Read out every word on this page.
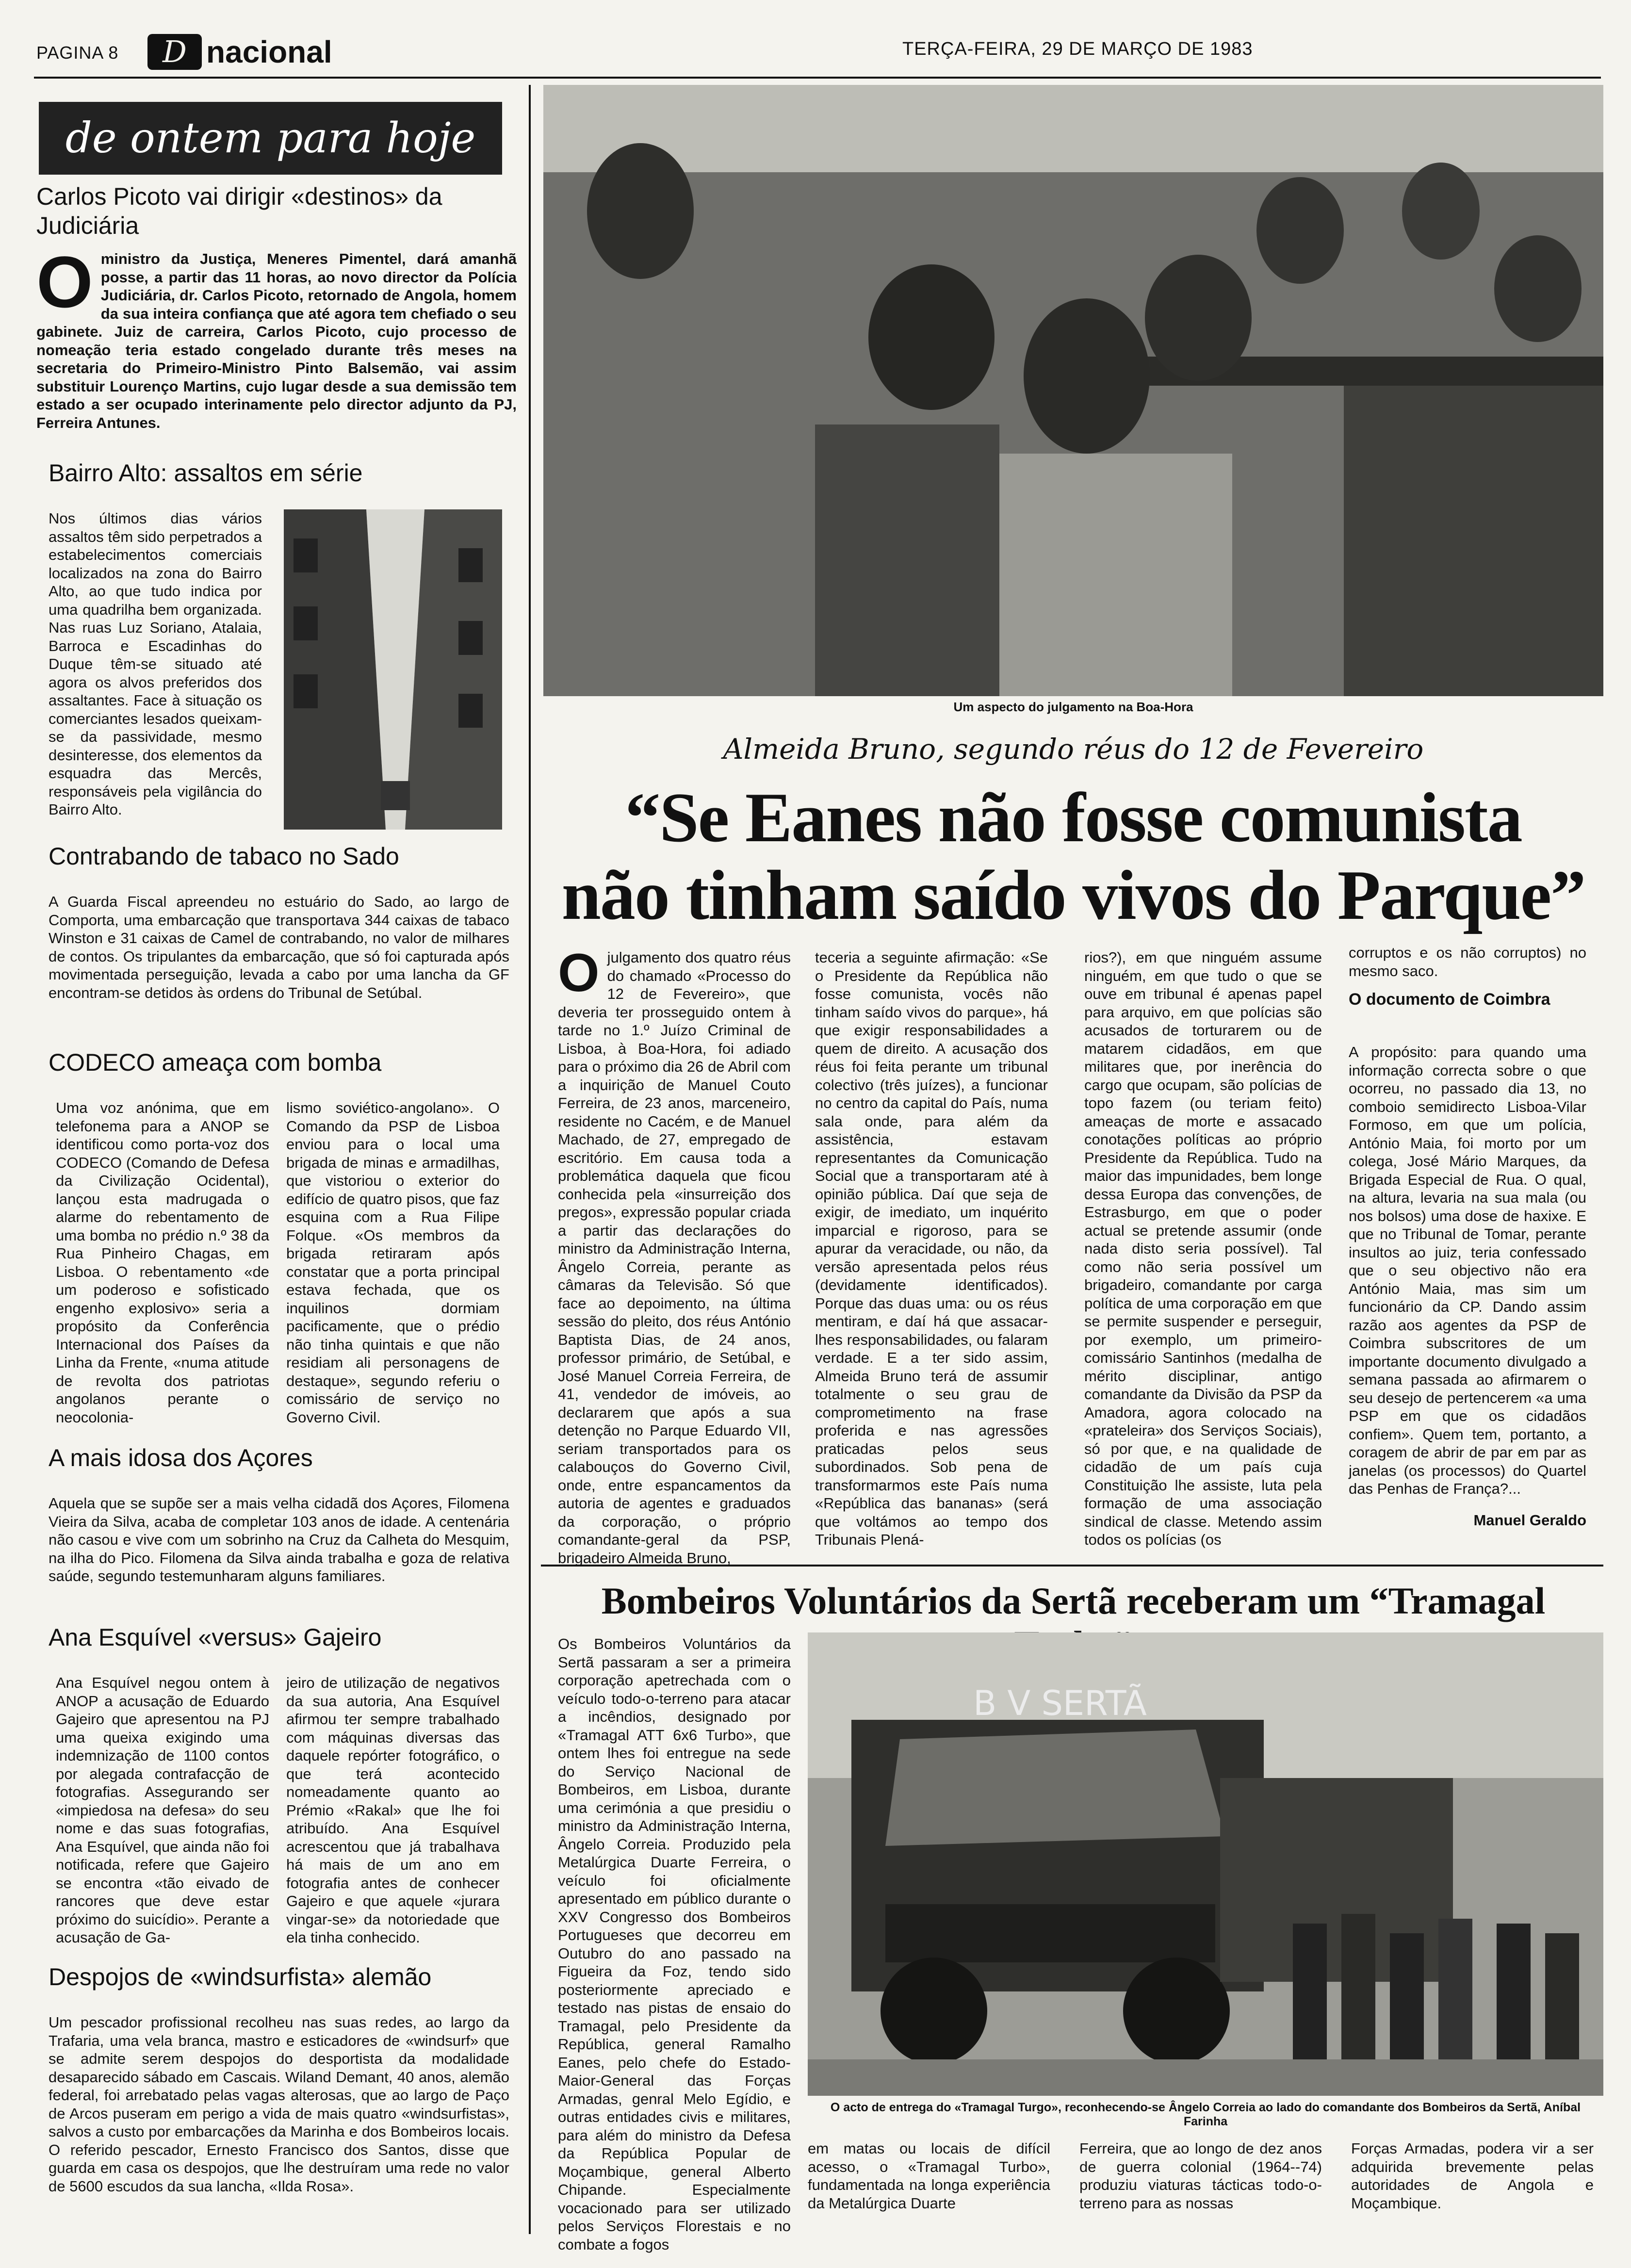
PAGINA 8 D nacional	TERÇA-FEIRA, 29 DE MARÇO DE 1983
de ontem para hoje
Carlos Picoto vai dirigir «destinos» da Judiciária
O ministro da Justiça, Meneres Pimentel, dará amanhã posse, a partir das 11 horas, ao novo director da Polícia Judiciária, dr. Carlos Picoto, retornado de Angola, homem da sua inteira confiança que até agora tem chefiado o seu gabinete. Juiz de carreira, Carlos Picoto, cujo processo de nomeação teria estado congelado durante três meses na secretaria do Primeiro-Ministro Pinto Balsemão, vai assim substituir Lourenço Martins, cujo lugar desde a sua demissão tem estado a ser ocupado interinamente pelo director adjunto da PJ, Ferreira Antunes.
Bairro Alto: assaltos em série
Nos últimos dias vários assaltos têm sido perpetrados a estabelecimentos comerciais localizados na zona do Bairro Alto, ao que tudo indica por uma quadrilha bem organizada. Nas ruas Luz Soriano, Atalaia, Barroca e Escadinhas do Duque têm-se situado até agora os alvos preferidos dos assaltantes. Face à situação os comerciantes lesados queixam-se da passividade, mesmo desinteresse, dos elementos da esquadra das Mercês, responsáveis pela vigilância do Bairro Alto.
Contrabando de tabaco no Sado
A Guarda Fiscal apreendeu no estuário do Sado, ao largo de Comporta, uma embarcação que transportava 344 caixas de tabaco Winston e 31 caixas de Camel de contrabando, no valor de milhares de contos. Os tripulantes da embarcação, que só foi capturada após movimentada perseguição, levada a cabo por uma lancha da GF encontram-se detidos às ordens do Tribunal de Setúbal.
CODECO ameaça com bomba
Uma voz anónima, que em telefonema para a ANOP se identificou como porta-voz dos CODECO (Comando de Defesa da Civilização Ocidental), lançou esta madrugada o alarme do rebentamento de uma bomba no prédio n.º 38 da Rua Pinheiro Chagas, em Lisboa. O rebentamento «de um poderoso e sofisticado engenho explosivo» seria a propósito da Conferência Internacional dos Países da Linha da Frente, «numa atitude de revolta dos patriotas angolanos perante o neocolonia-
lismo soviético-angolano». O Comando da PSP de Lisboa enviou para o local uma brigada de minas e armadilhas, que vistoriou o exterior do edifício de quatro pisos, que faz esquina com a Rua Filipe Folque. «Os membros da brigada retiraram após constatar que a porta principal estava fechada, que os inquilinos dormiam pacificamente, que o prédio não tinha quintais e que não residiam ali personagens de destaque», segundo referiu o comissário de serviço no Governo Civil.
A mais idosa dos Açores
Aquela que se supõe ser a mais velha cidadã dos Açores, Filomena Vieira da Silva, acaba de completar 103 anos de idade. A centenária não casou e vive com um sobrinho na Cruz da Calheta do Mesquim, na ilha do Pico. Filomena da Silva ainda trabalha e goza de relativa saúde, segundo testemunharam alguns familiares.
Ana Esquível «versus» Gajeiro
Ana Esquível negou ontem à ANOP a acusação de Eduardo Gajeiro que apresentou na PJ uma queixa exigindo uma indemnização de 1100 contos por alegada contrafacção de fotografias. Assegurando ser «impiedosa na defesa» do seu nome e das suas fotografias, Ana Esquível, que ainda não foi notificada, refere que Gajeiro se encontra «tão eivado de rancores que deve estar próximo do suicídio». Perante a acusação de Ga-
jeiro de utilização de negativos da sua autoria, Ana Esquível afirmou ter sempre trabalhado com máquinas diversas das daquele repórter fotográfico, o que terá acontecido nomeadamente quanto ao Prémio «Rakal» que lhe foi atribuído. Ana Esquível acrescentou que já trabalhava há mais de um ano em fotografia antes de conhecer Gajeiro e que aquele «jurara vingar-se» da notoriedade que ela tinha conhecido.
Despojos de «windsurfista» alemão
Um pescador profissional recolheu nas suas redes, ao largo da Trafaria, uma vela branca, mastro e esticadores de «windsurf» que se admite serem despojos do desportista da modalidade desaparecido sábado em Cascais. Wiland Demant, 40 anos, alemão federal, foi arrebatado pelas vagas alterosas, que ao largo de Paço de Arcos puseram em perigo a vida de mais quatro «windsurfistas», salvos a custo por embarcações da Marinha e dos Bombeiros locais. O referido pescador, Ernesto Francisco dos Santos, disse que guarda em casa os despojos, que lhe destruíram uma rede no valor de 5600 escudos da sua lancha, «Ilda Rosa».
Um aspecto do julgamento na Boa-Hora
Almeida Bruno, segundo réus do 12 de Fevereiro
“Se Eanes não fosse comunista
não tinham saído vivos do Parque”
O julgamento dos quatro réus do chamado «Processo do 12 de Fevereiro», que deveria ter prosseguido ontem à tarde no 1.º Juízo Criminal de Lisboa, à Boa-Hora, foi adiado para o próximo dia 26 de Abril com a inquirição de Manuel Couto Ferreira, de 23 anos, marceneiro, residente no Cacém, e de Manuel Machado, de 27, empregado de escritório. Em causa toda a problemática daquela que ficou conhecida pela «insurreição dos pregos», expressão popular criada a partir das declarações do ministro da Administração Interna, Ângelo Correia, perante as câmaras da Televisão. Só que face ao depoimento, na última sessão do pleito, dos réus António Baptista Dias, de 24 anos, professor primário, de Setúbal, e José Manuel Correia Ferreira, de 41, vendedor de imóveis, ao declararem que após a sua detenção no Parque Eduardo VII, seriam transportados para os calabouços do Governo Civil, onde, entre espancamentos da autoria de agentes e graduados da corporação, o próprio comandante-geral da PSP, brigadeiro Almeida Bruno,
teceria a seguinte afirmação: «Se o Presidente da República não fosse comunista, vocês não tinham saído vivos do parque», há que exigir responsabilidades a quem de direito. A acusação dos réus foi feita perante um tribunal colectivo (três juízes), a funcionar no centro da capital do País, numa sala onde, para além da assistência, estavam representantes da Comunicação Social que a transportaram até à opinião pública. Daí que seja de exigir, de imediato, um inquérito imparcial e rigoroso, para se apurar da veracidade, ou não, da versão apresentada pelos réus (devidamente identificados). Porque das duas uma: ou os réus mentiram, e daí há que assacar-lhes responsabilidades, ou falaram verdade. E a ter sido assim, Almeida Bruno terá de assumir totalmente o seu grau de comprometimento na frase proferida e nas agressões praticadas pelos seus subordinados. Sob pena de transformarmos este País numa «República das bananas» (será que voltámos ao tempo dos Tribunais Plená-
rios?), em que ninguém assume ninguém, em que tudo o que se ouve em tribunal é apenas papel para arquivo, em que polícias são acusados de torturarem ou de matarem cidadãos, em que militares que, por inerência do cargo que ocupam, são polícias de topo fazem (ou teriam feito) ameaças de morte e assacado conotações políticas ao próprio Presidente da República. Tudo na maior das impunidades, bem longe dessa Europa das convenções, de Estrasburgo, em que o poder actual se pretende assumir (onde nada disto seria possível). Tal como não seria possível um brigadeiro, comandante por carga política de uma corporação em que se permite suspender e perseguir, por exemplo, um primeiro-comissário Santinhos (medalha de mérito disciplinar, antigo comandante da Divisão da PSP da Amadora, agora colocado na «prateleira» dos Serviços Sociais), só por que, e na qualidade de cidadão de um país cuja Constituição lhe assiste, luta pela formação de uma associação sindical de classe. Metendo assim todos os polícias (os
corruptos e os não corruptos) no mesmo saco.
O documento de Coimbra
A propósito: para quando uma informação correcta sobre o que ocorreu, no passado dia 13, no comboio semidirecto Lisboa-Vilar Formoso, em que um polícia, António Maia, foi morto por um colega, José Mário Marques, da Brigada Especial de Rua. O qual, na altura, levaria na sua mala (ou nos bolsos) uma dose de haxixe. E que no Tribunal de Tomar, perante insultos ao juiz, teria confessado que o seu objectivo não era António Maia, mas sim um funcionário da CP. Dando assim razão aos agentes da PSP de Coimbra subscritores de um importante documento divulgado a semana passada ao afirmarem o seu desejo de pertencerem «a uma PSP em que os cidadãos confiem». Quem tem, portanto, a coragem de abrir de par em par as janelas (os processos) do Quartel das Penhas de França?...
Manuel Geraldo
Bombeiros Voluntários da Sertã receberam um “Tramagal
Os Bombeiros Voluntários da Sertã passaram a ser a primeira corporação apetrechada com o veículo todo-o-terreno para atacar a incêndios, designado por «Tramagal ATT 6x6 Turbo», que ontem lhes foi entregue na sede do Serviço Nacional de Bombeiros, em Lisboa, durante uma cerimónia a que presidiu o ministro da Administração Interna, Ângelo Correia. Produzido pela Metalúrgica Duarte Ferreira, o veículo foi oficialmente apresentado em público durante o XXV Congresso dos Bombeiros Portugueses que decorreu em Outubro do ano passado na Figueira da Foz, tendo sido posteriormente apreciado e testado nas pistas de ensaio do Tramagal, pelo Presidente da República, general Ramalho Eanes, pelo chefe do Estado-Maior-General das Forças Armadas, genral Melo Egídio, e outras entidades civis e militares, para além do ministro da Defesa da República Popular de Moçambique, general Alberto Chipande. Especialmente vocacionado para ser utilizado pelos Serviços Florestais e no combate a fogos
B V SERTÃ
O acto de entrega do «Tramagal Turgo», reconhecendo-se Ângelo Correia ao lado do comandante dos Bombeiros da Sertã, Aníbal Farinha
em matas ou locais de difícil acesso, o «Tramagal Turbo», fundamentada na longa experiência da Metalúrgica Duarte
Ferreira, que ao longo de dez anos de guerra colonial (1964--74) produziu viaturas tácticas todo-o-terreno para as nossas
Forças Armadas, podera vir a ser adquirida brevemente pelas autoridades de Angola e Moçambique.
